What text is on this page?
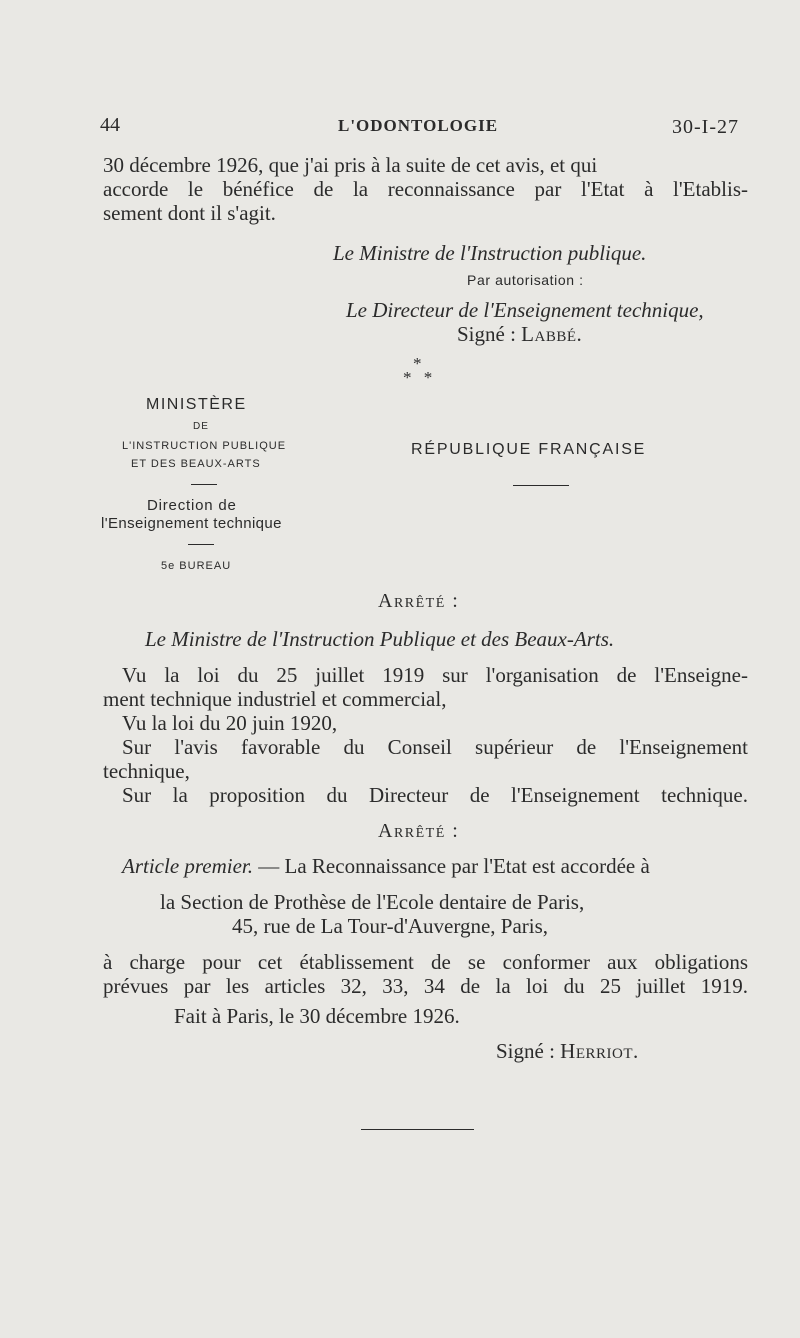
44	L'ODONTOLOGIE	30-I-27
30 décembre 1926, que j'ai pris à la suite de cet avis, et qui
accorde le bénéfice de la reconnaissance par l'Etat à l'Etablis-
sement dont il s'agit.
Le Ministre de l'Instruction publique.
Par autorisation :
Le Directeur de l'Enseignement technique,
Signé : Labbé.
*
* *
MINISTÈRE
DE
L'INSTRUCTION PUBLIQUE
ET DES BEAUX-ARTS
Direction de
l'Enseignement technique
5e BUREAU
RÉPUBLIQUE FRANÇAISE
Arrêté :
Le Ministre de l'Instruction Publique et des Beaux-Arts.
Vu la loi du 25 juillet 1919 sur l'organisation de l'Enseigne-
ment technique industriel et commercial,
Vu la loi du 20 juin 1920,
Sur l'avis favorable du Conseil supérieur de l'Enseignement
technique,
Sur la proposition du Directeur de l'Enseignement technique.
Arrêté :
Article premier. — La Reconnaissance par l'Etat est accordée à
la Section de Prothèse de l'Ecole dentaire de Paris,
45, rue de La Tour-d'Auvergne, Paris,
à charge pour cet établissement de se conformer aux obligations
prévues par les articles 32, 33, 34 de la loi du 25 juillet 1919.
Fait à Paris, le 30 décembre 1926.
Signé : Herriot.
